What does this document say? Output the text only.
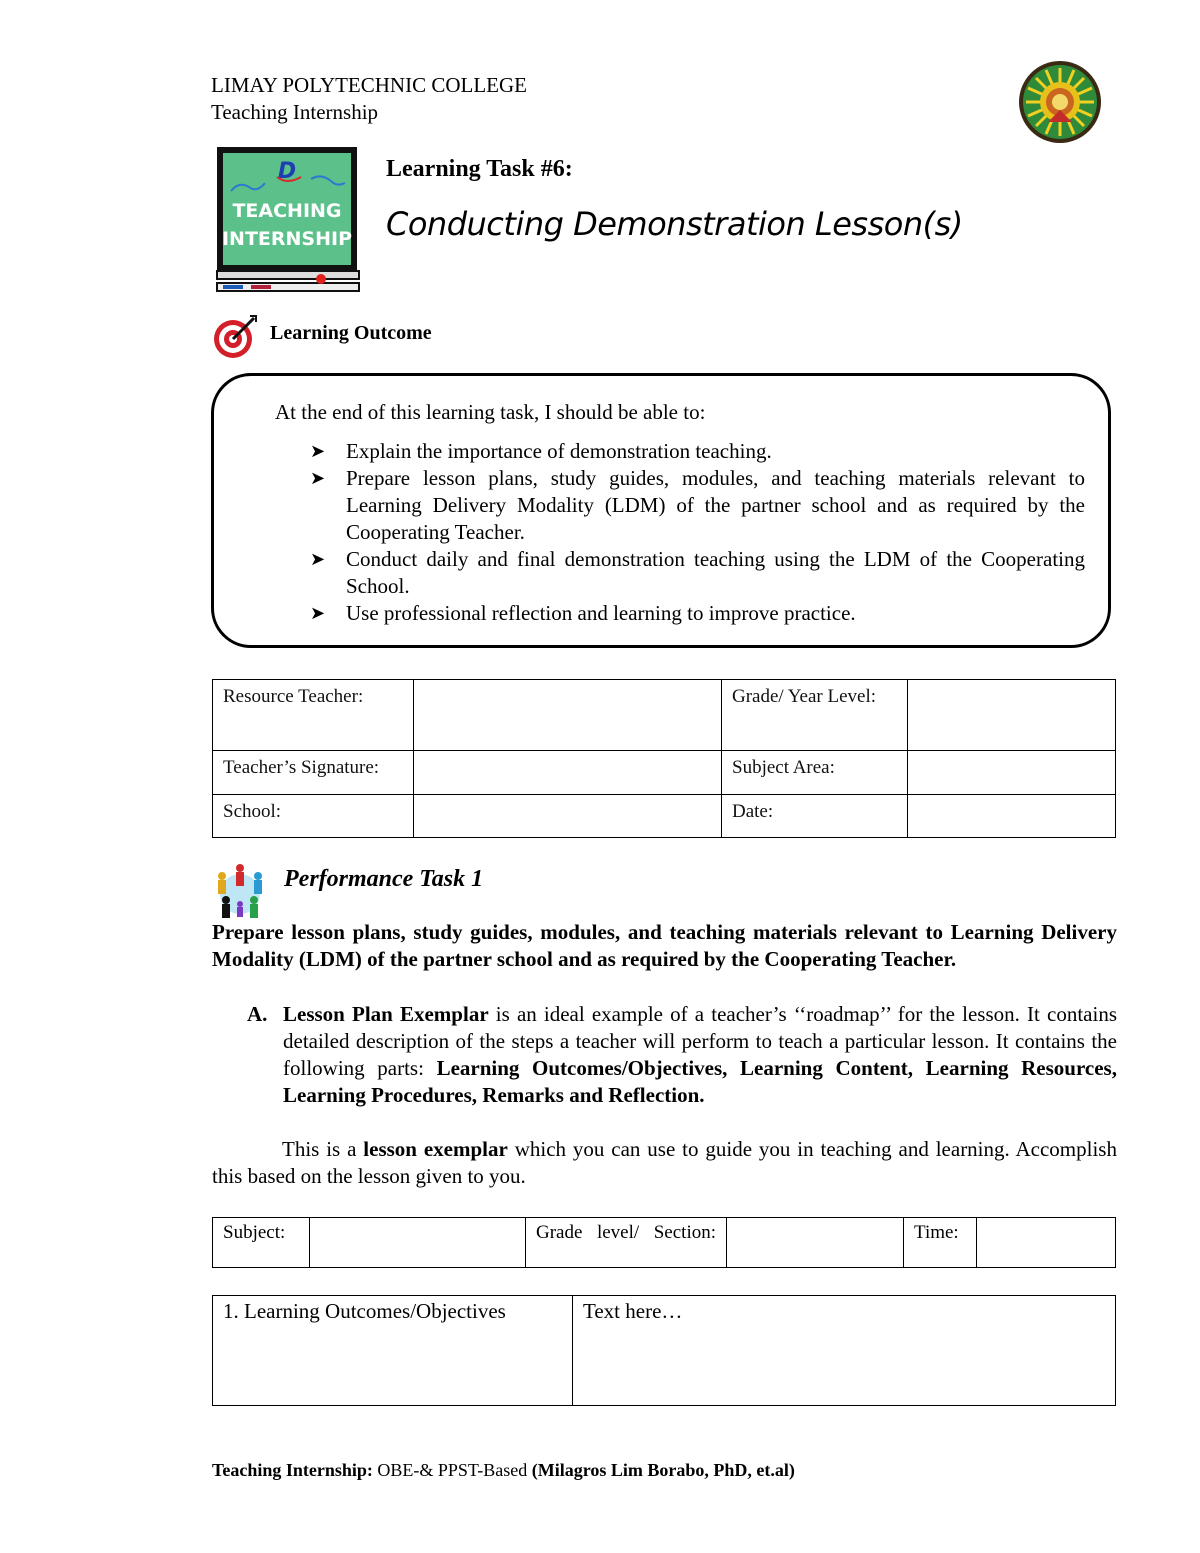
LIMAY POLYTECHNIC COLLEGE
Teaching Internship
D
TEACHING
INTERNSHIP
Learning Task #6:
Conducting Demonstration Lesson(s)
Learning Outcome
At the end of this learning task, I should be able to:
➤ Explain the importance of demonstration teaching.
➤ Prepare lesson plans, study guides, modules, and teaching materials relevant to Learning Delivery Modality (LDM) of the partner school and as required by the Cooperating Teacher.
➤ Conduct daily and final demonstration teaching using the LDM of the Cooperating School.
➤ Use professional reflection and learning to improve practice.
Resource Teacher:		Grade/ Year Level:	
Teacher’s Signature:		Subject Area:	
School:		Date:	
Performance Task 1
Prepare lesson plans, study guides, modules, and teaching materials relevant to Learning Delivery Modality (LDM) of the partner school and as required by the Cooperating Teacher.
A. Lesson Plan Exemplar is an ideal example of a teacher’s ‘‘roadmap’’ for the lesson. It contains detailed description of the steps a teacher will perform to teach a particular lesson. It contains the following parts: Learning Outcomes/Objectives, Learning Content, Learning Resources, Learning Procedures, Remarks and Reflection.
This is a lesson exemplar which you can use to guide you in teaching and learning. Accomplish this based on the lesson given to you.
Subject:		Grade level/ Section:		Time:	
1. Learning Outcomes/Objectives	Text here…
Teaching Internship: OBE-& PPST-Based (Milagros Lim Borabo, PhD, et.al)
